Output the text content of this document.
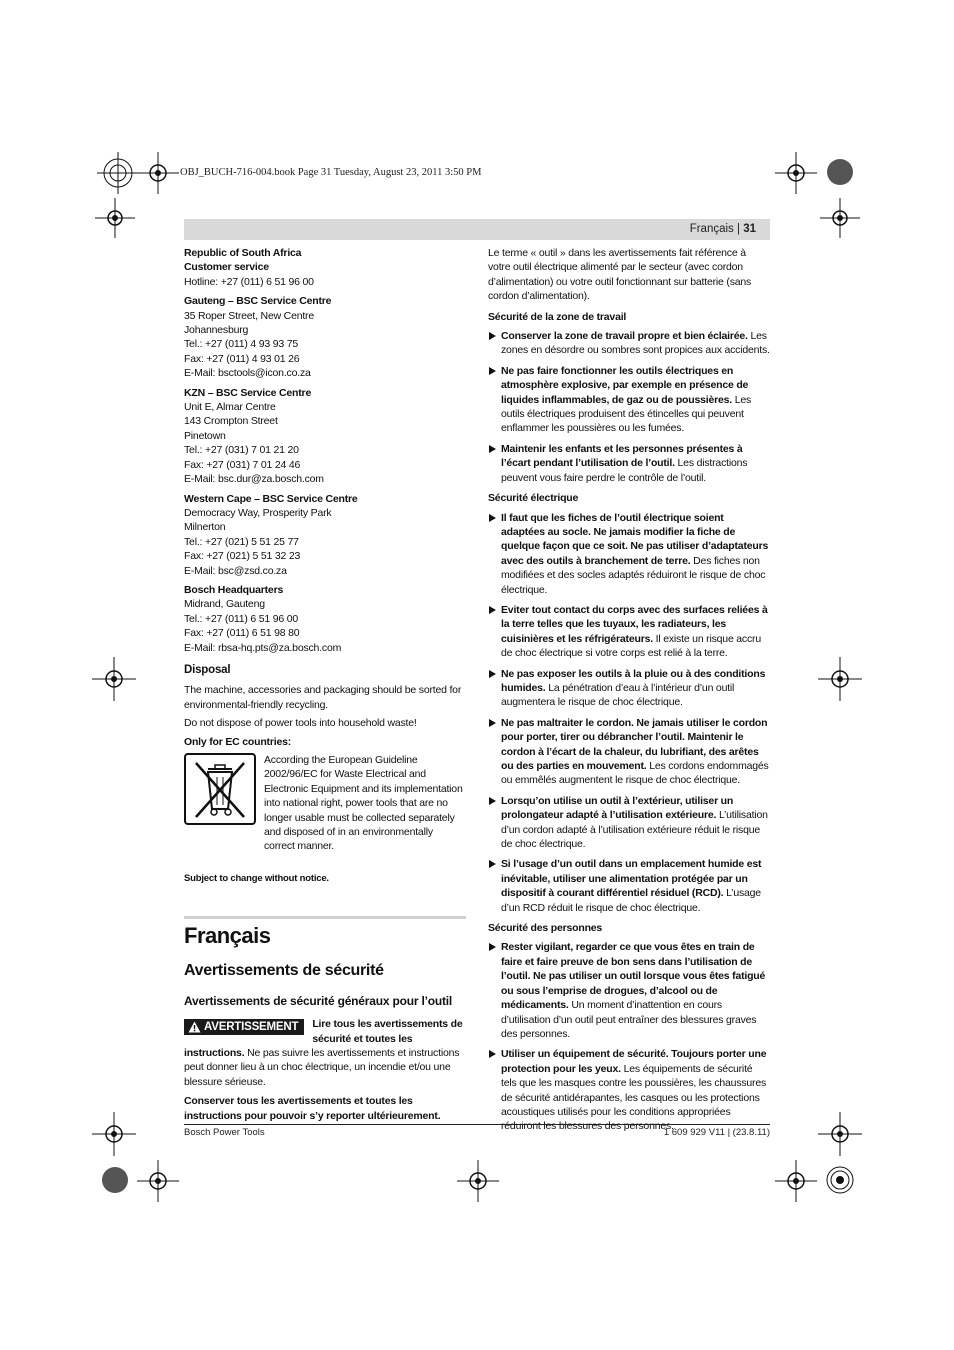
OBJ_BUCH-716-004.book Page 31 Tuesday, August 23, 2011 3:50 PM
Français | 31
Republic of South Africa
Customer service
Hotline: +27 (011) 6 51 96 00
Gauteng – BSC Service Centre
35 Roper Street, New Centre
Johannesburg
Tel.: +27 (011) 4 93 93 75
Fax: +27 (011) 4 93 01 26
E-Mail: bsctools@icon.co.za
KZN – BSC Service Centre
Unit E, Almar Centre
143 Crompton Street
Pinetown
Tel.: +27 (031) 7 01 21 20
Fax: +27 (031) 7 01 24 46
E-Mail: bsc.dur@za.bosch.com
Western Cape – BSC Service Centre
Democracy Way, Prosperity Park
Milnerton
Tel.: +27 (021) 5 51 25 77
Fax: +27 (021) 5 51 32 23
E-Mail: bsc@zsd.co.za
Bosch Headquarters
Midrand, Gauteng
Tel.: +27 (011) 6 51 96 00
Fax: +27 (011) 6 51 98 80
E-Mail: rbsa-hq.pts@za.bosch.com
Disposal

The machine, accessories and packaging should be sorted for environmental-friendly recycling.

Do not dispose of power tools into household waste!

Only for EC countries:
According the European Guideline 2002/96/EC for Waste Electrical and Electronic Equipment and its implementation into national right, power tools that are no longer usable must be collected separately and disposed of in an environmentally correct manner.
Subject to change without notice.
Français
Avertissements de sécurité
Avertissements de sécurité généraux pour l’outil
AVERTISSEMENT Lire tous les avertissements de sécurité et toutes les instructions. Ne pas suivre les avertissements et instructions peut donner lieu à un choc électrique, un incendie et/ou une blessure sérieuse.

Conserver tous les avertissements et toutes les instructions pour pouvoir s’y reporter ultérieurement.

Le terme « outil » dans les avertissements fait référence à votre outil électrique alimenté par le secteur (avec cordon d’alimentation) ou votre outil fonctionnant sur batterie (sans cordon d’alimentation).

Sécurité de la zone de travail
Conserver la zone de travail propre et bien éclairée. Les zones en désordre ou sombres sont propices aux accidents.
Ne pas faire fonctionner les outils électriques en atmosphère explosive, par exemple en présence de liquides inflammables, de gaz ou de poussières. Les outils électriques produisent des étincelles qui peuvent enflammer les poussières ou les fumées.
Maintenir les enfants et les personnes présentes à l’écart pendant l’utilisation de l’outil. Les distractions peuvent vous faire perdre le contrôle de l’outil.
Sécurité électrique
Il faut que les fiches de l’outil électrique soient adaptées au socle. Ne jamais modifier la fiche de quelque façon que ce soit. Ne pas utiliser d’adaptateurs avec des outils à branchement de terre. Des fiches non modifiées et des socles adaptés réduiront le risque de choc électrique.
Eviter tout contact du corps avec des surfaces reliées à la terre telles que les tuyaux, les radiateurs, les cuisinières et les réfrigérateurs. Il existe un risque accru de choc électrique si votre corps est relié à la terre.
Ne pas exposer les outils à la pluie ou à des conditions humides. La pénétration d’eau à l’intérieur d’un outil augmentera le risque de choc électrique.
Ne pas maltraiter le cordon. Ne jamais utiliser le cordon pour porter, tirer ou débrancher l’outil. Maintenir le cordon à l’écart de la chaleur, du lubrifiant, des arêtes ou des parties en mouvement. Les cordons endommagés ou emmêlés augmentent le risque de choc électrique.
Lorsqu’on utilise un outil à l’extérieur, utiliser un prolongateur adapté à l’utilisation extérieure. L’utilisation d’un cordon adapté à l’utilisation extérieure réduit le risque de choc électrique.
Si l’usage d’un outil dans un emplacement humide est inévitable, utiliser une alimentation protégée par un dispositif à courant différentiel résiduel (RCD). L’usage d’un RCD réduit le risque de choc électrique.
Sécurité des personnes
Rester vigilant, regarder ce que vous êtes en train de faire et faire preuve de bon sens dans l’utilisation de l’outil. Ne pas utiliser un outil lorsque vous êtes fatigué ou sous l’emprise de drogues, d’alcool ou de médicaments. Un moment d’inattention en cours d’utilisation d’un outil peut entraîner des blessures graves des personnes.
Utiliser un équipement de sécurité. Toujours porter une protection pour les yeux. Les équipements de sécurité tels que les masques contre les poussières, les chaussures de sécurité antidérapantes, les casques ou les protections acoustiques utilisés pour les conditions appropriées réduiront les blessures des personnes.
Bosch Power Tools	1 609 929 V11 | (23.8.11)
